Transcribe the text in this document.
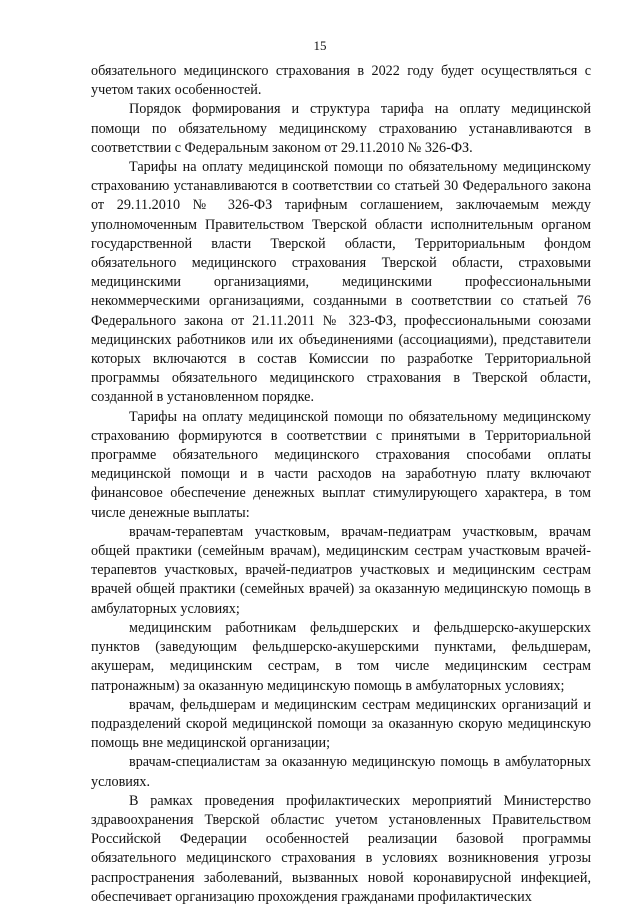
15

обязательного медицинского страхования в 2022 году будет осуществляться с учетом таких особенностей.

Порядок формирования и структура тарифа на оплату медицинской помощи по обязательному медицинскому страхованию устанавливаются в соответствии с Федеральным законом от 29.11.2010 № 326-ФЗ.

Тарифы на оплату медицинской помощи по обязательному медицинскому страхованию устанавливаются в соответствии со статьей 30 Федерального закона от 29.11.2010 № 326-ФЗ тарифным соглашением, заключаемым между уполномоченным Правительством Тверской области исполнительным органом государственной власти Тверской области, Территориальным фондом обязательного медицинского страхования Тверской области, страховыми медицинскими организациями, медицинскими профессиональными некоммерческими организациями, созданными в соответствии со статьей 76 Федерального закона от 21.11.2011 № 323-ФЗ, профессиональными союзами медицинских работников или их объединениями (ассоциациями), представители которых включаются в состав Комиссии по разработке Территориальной программы обязательного медицинского страхования в Тверской области, созданной в установленном порядке.

Тарифы на оплату медицинской помощи по обязательному медицинскому страхованию формируются в соответствии с принятыми в Территориальной программе обязательного медицинского страхования способами оплаты медицинской помощи и в части расходов на заработную плату включают финансовое обеспечение денежных выплат стимулирующего характера, в том числе денежные выплаты:

врачам-терапевтам участковым, врачам-педиатрам участковым, врачам общей практики (семейным врачам), медицинским сестрам участковым врачей-терапевтов участковых, врачей-педиатров участковых и медицинским сестрам врачей общей практики (семейных врачей) за оказанную медицинскую помощь в амбулаторных условиях;

медицинским работникам фельдшерских и фельдшерско-акушерских пунктов (заведующим фельдшерско-акушерскими пунктами, фельдшерам, акушерам, медицинским сестрам, в том числе медицинским сестрам патронажным) за оказанную медицинскую помощь в амбулаторных условиях;

врачам, фельдшерам и медицинским сестрам медицинских организаций и подразделений скорой медицинской помощи за оказанную скорую медицинскую помощь вне медицинской организации;

врачам-специалистам за оказанную медицинскую помощь в амбулаторных условиях.

В рамках проведения профилактических мероприятий Министерство здравоохранения Тверской областис учетом установленных Правительством Российской Федерации особенностей реализации базовой программы обязательного медицинского страхования в условиях возникновения угрозы распространения заболеваний, вызванных новой коронавирусной инфекцией, обеспечивает организацию прохождения гражданами профилактических
